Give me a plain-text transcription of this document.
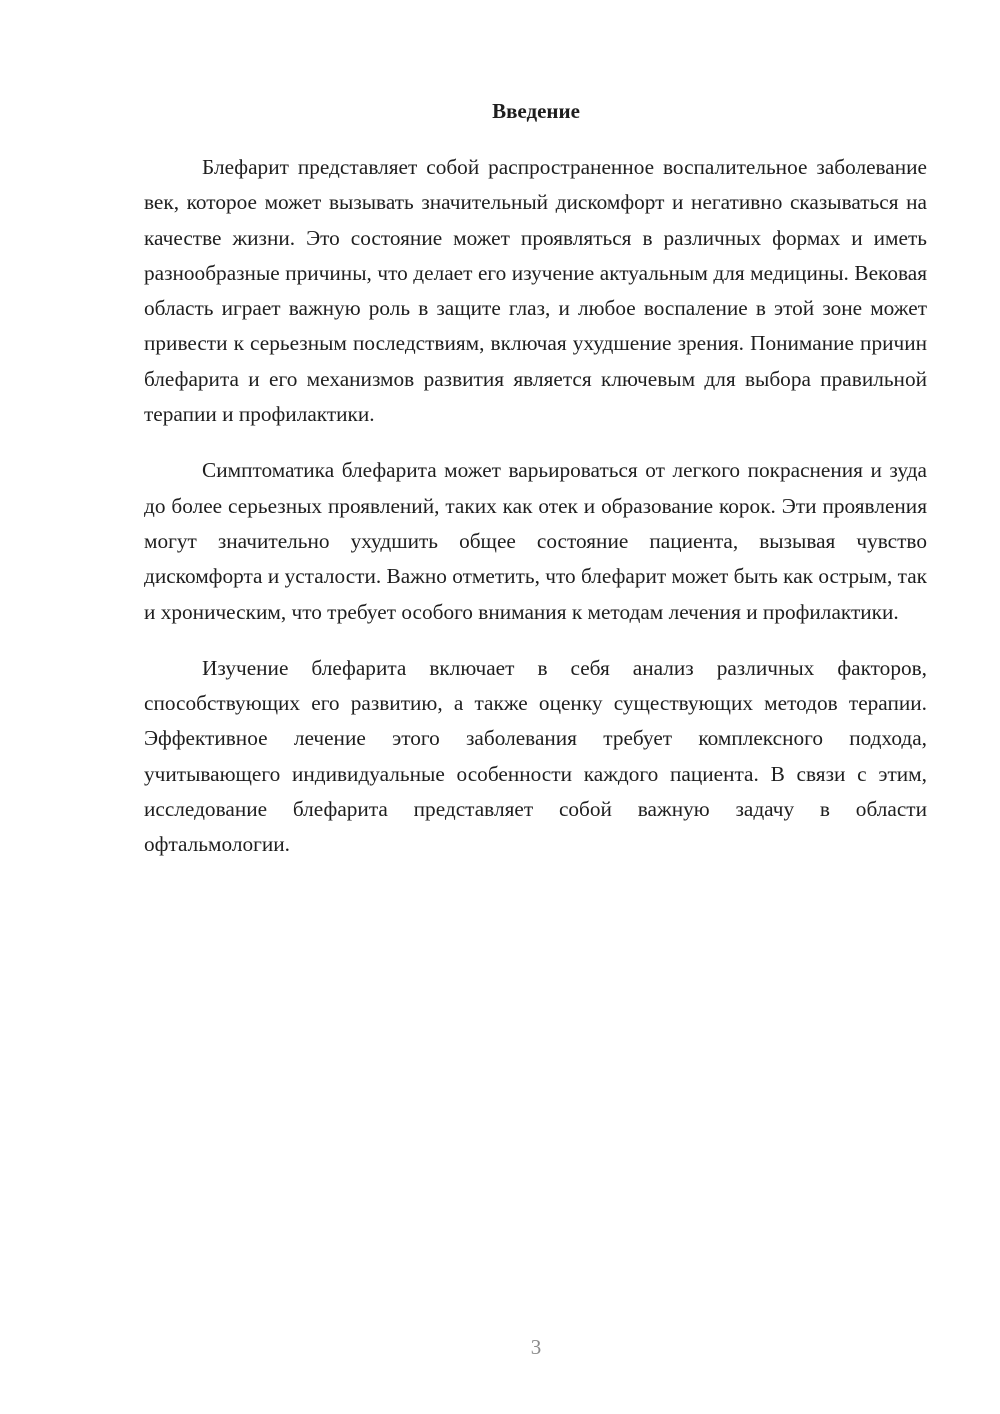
Введение

Блефарит представляет собой распространенное воспалительное заболевание век, которое может вызывать значительный дискомфорт и негативно сказываться на качестве жизни. Это состояние может проявляться в различных формах и иметь разнообразные причины, что делает его изучение актуальным для медицины. Вековая область играет важную роль в защите глаз, и любое воспаление в этой зоне может привести к серьезным последствиям, включая ухудшение зрения. Понимание причин блефарита и его механизмов развития является ключевым для выбора правильной терапии и профилактики.

Симптоматика блефарита может варьироваться от легкого покраснения и зуда до более серьезных проявлений, таких как отек и образование корок. Эти проявления могут значительно ухудшить общее состояние пациента, вызывая чувство дискомфорта и усталости. Важно отметить, что блефарит может быть как острым, так и хроническим, что требует особого внимания к методам лечения и профилактики.

Изучение блефарита включает в себя анализ различных факторов, способствующих его развитию, а также оценку существующих методов терапии. Эффективное лечение этого заболевания требует комплексного подхода, учитывающего индивидуальные особенности каждого пациента. В связи с этим, исследование блефарита представляет собой важную задачу в области офтальмологии.

3
